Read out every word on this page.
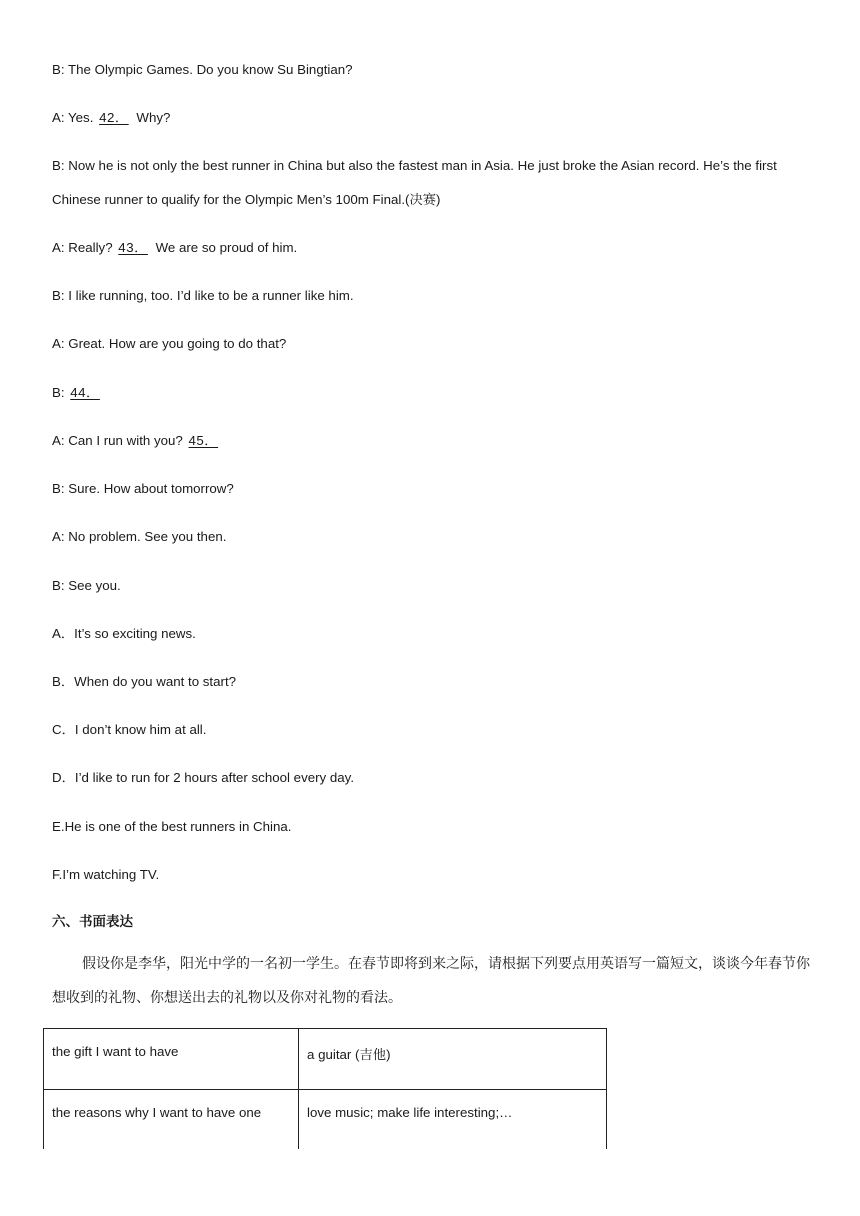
B: The Olympic Games. Do you know Su Bingtian?
A: Yes. 42． Why?
B: Now he is not only the best runner in China but also the fastest man in Asia. He just broke the Asian record. He’s the first
Chinese runner to qualify for the Olympic Men’s 100m Final.(决赛)
A: Really? 43． We are so proud of him.
B: I like running, too. I’d like to be a runner like him.
A: Great. How are you going to do that?
B: 44．
A: Can I run with you? 45．
B: Sure. How about tomorrow?
A: No problem. See you then.
B: See you.
A．It’s so exciting news.
B．When do you want to start?
C．I don’t know him at all.
D．I’d like to run for 2 hours after school every day.
E.He is one of the best runners in China.
F.I’m watching TV.
六、书面表达
假设你是李华，阳光中学的一名初一学生。在春节即将到来之际，请根据下列要点用英语写一篇短文，谈谈今年春节你想收到的礼物、你想送出去的礼物以及你对礼物的看法。
the gift I want to have	a guitar (吉他)
the reasons why I want to have one	love music; make life interesting;…
